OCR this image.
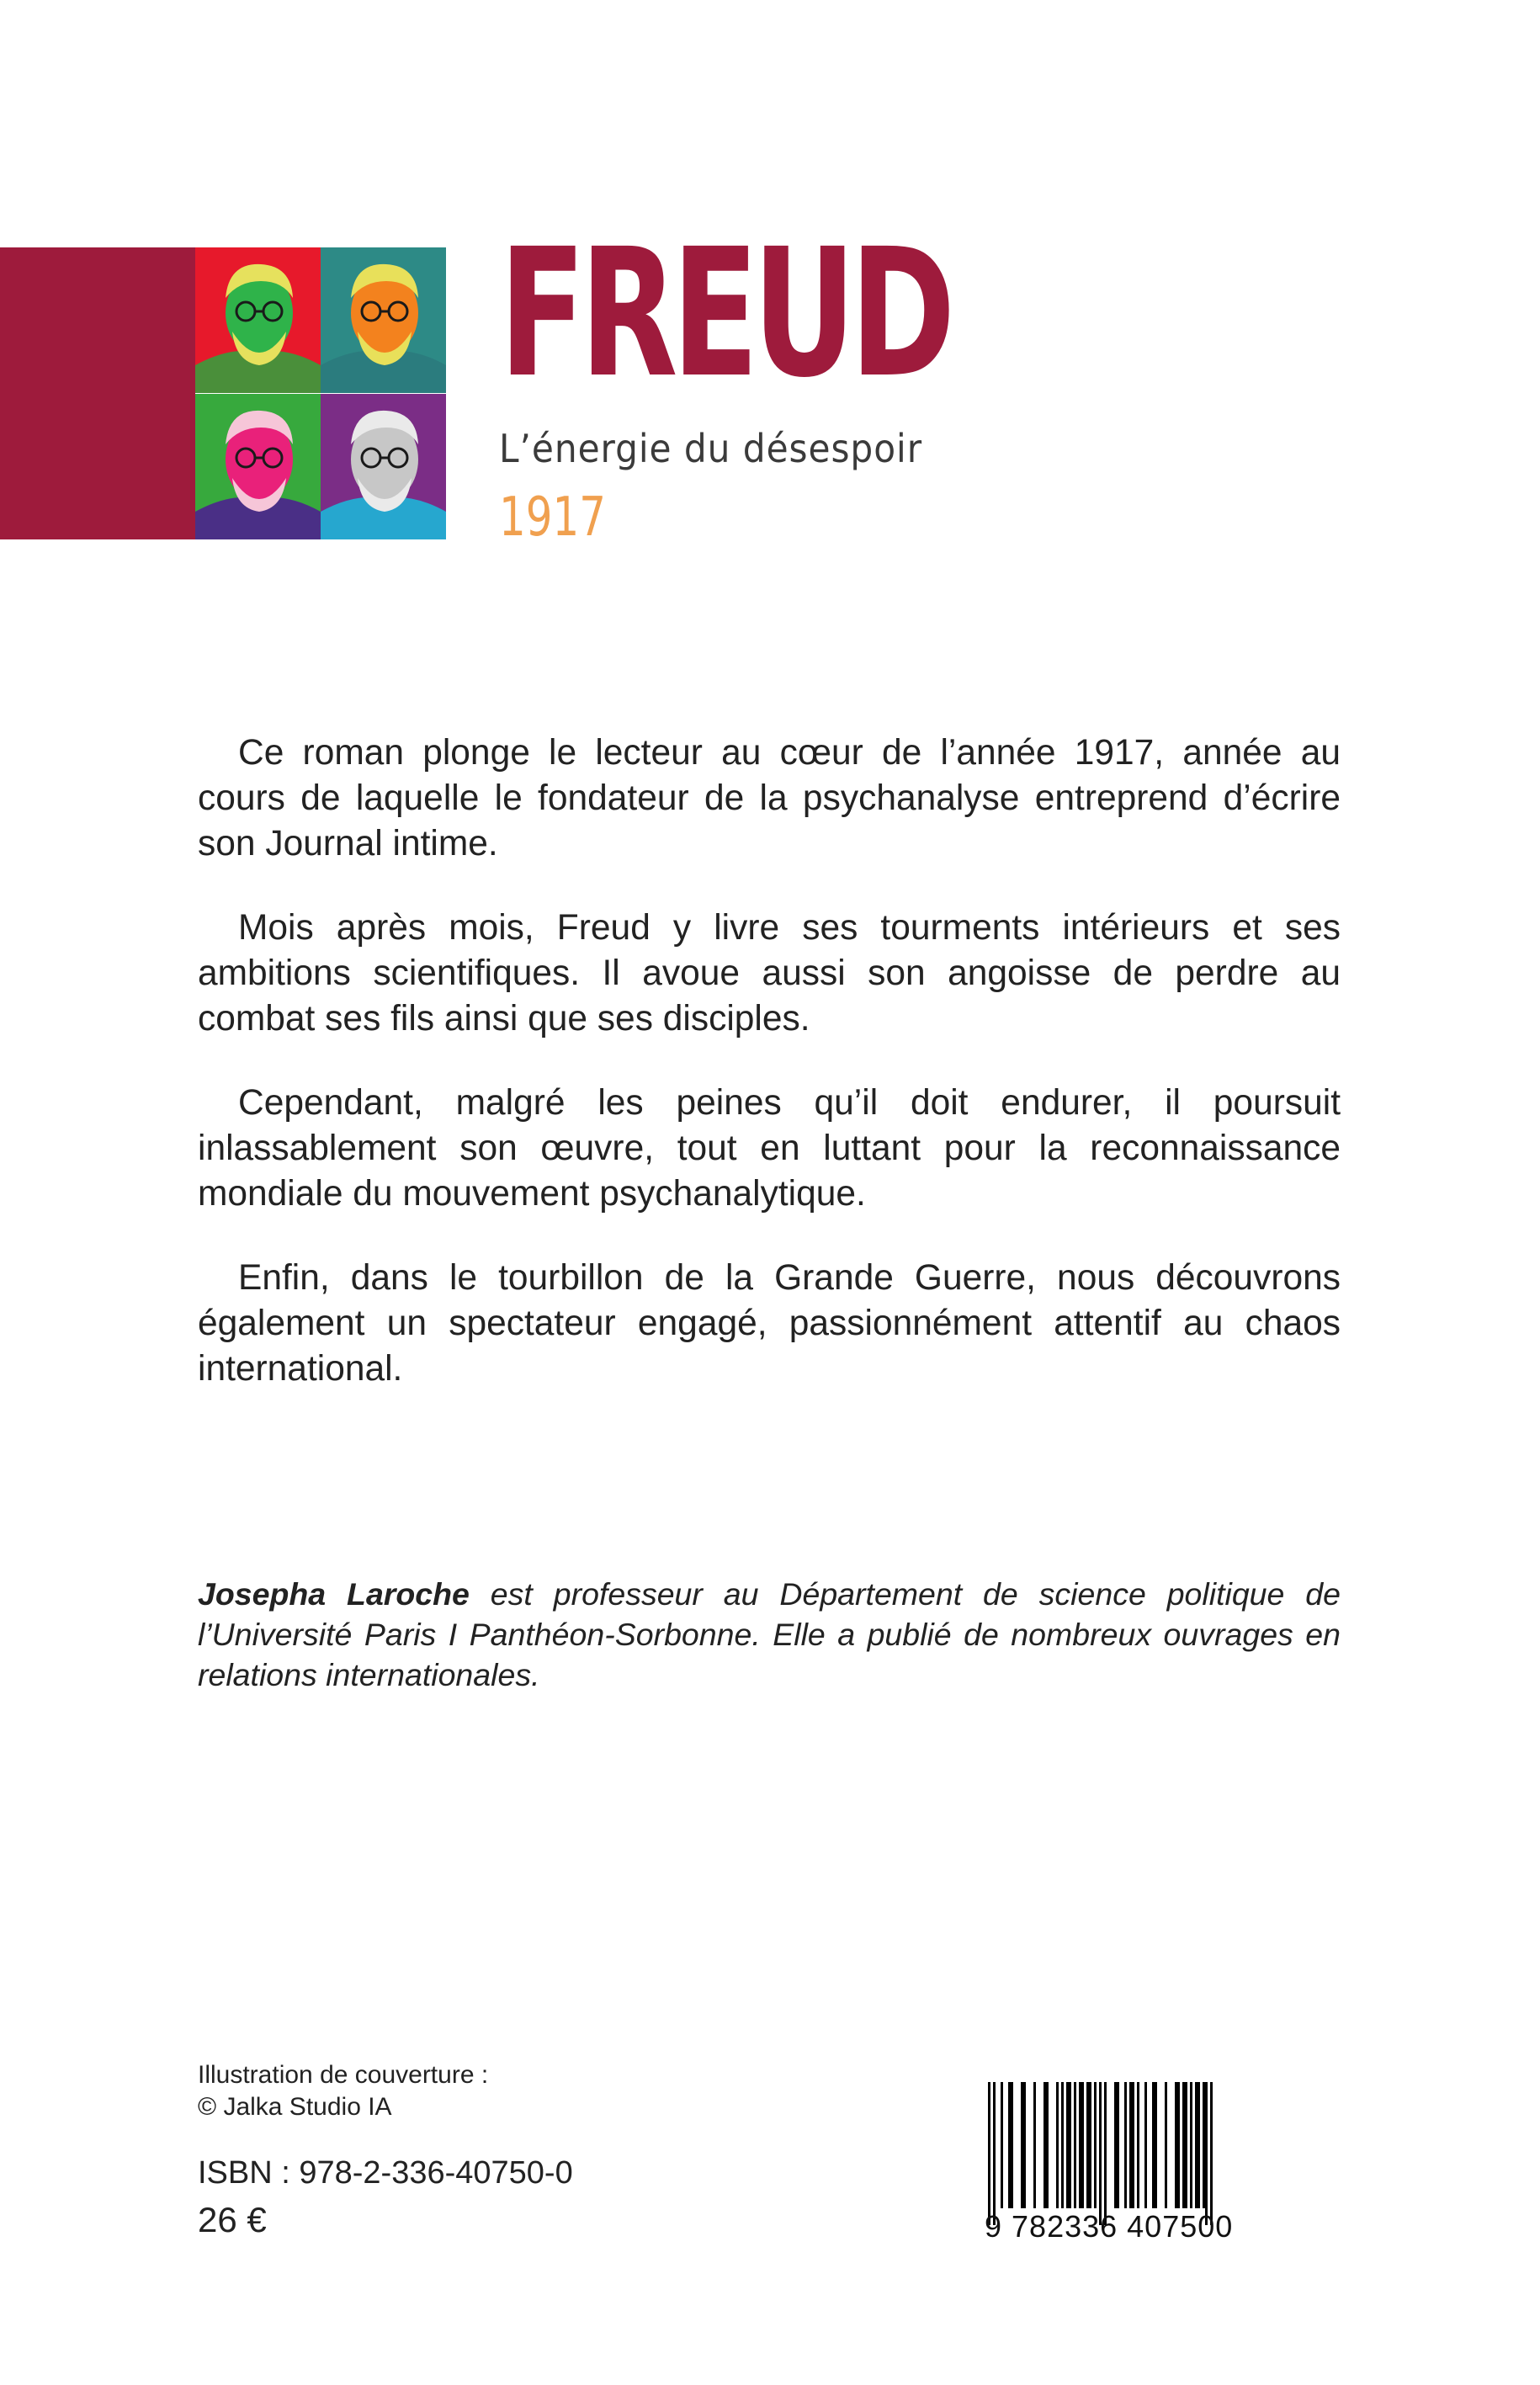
FREUD
L’énergie du désespoir
1917

Ce roman plonge le lecteur au cœur de l’année 1917, année au cours de laquelle le fondateur de la psychanalyse entreprend d’écrire son Journal intime.

Mois après mois, Freud y livre ses tourments intérieurs et ses ambitions scientifiques. Il avoue aussi son angoisse de perdre au combat ses fils ainsi que ses disciples.

Cependant, malgré les peines qu’il doit endurer, il poursuit inlassablement son œuvre, tout en luttant pour la reconnaissance mondiale du mouvement psychanalytique.

Enfin, dans le tourbillon de la Grande Guerre, nous découvrons également un spectateur engagé, passionnément attentif au chaos international.

Josepha Laroche est professeur au Département de science politique de l’Université Paris I Panthéon-Sorbonne. Elle a publié de nombreux ouvrages en relations internationales.
Illustration de couverture :
© Jalka Studio IA
ISBN : 978-2-336-40750-0
26 €	9 782336 407500
